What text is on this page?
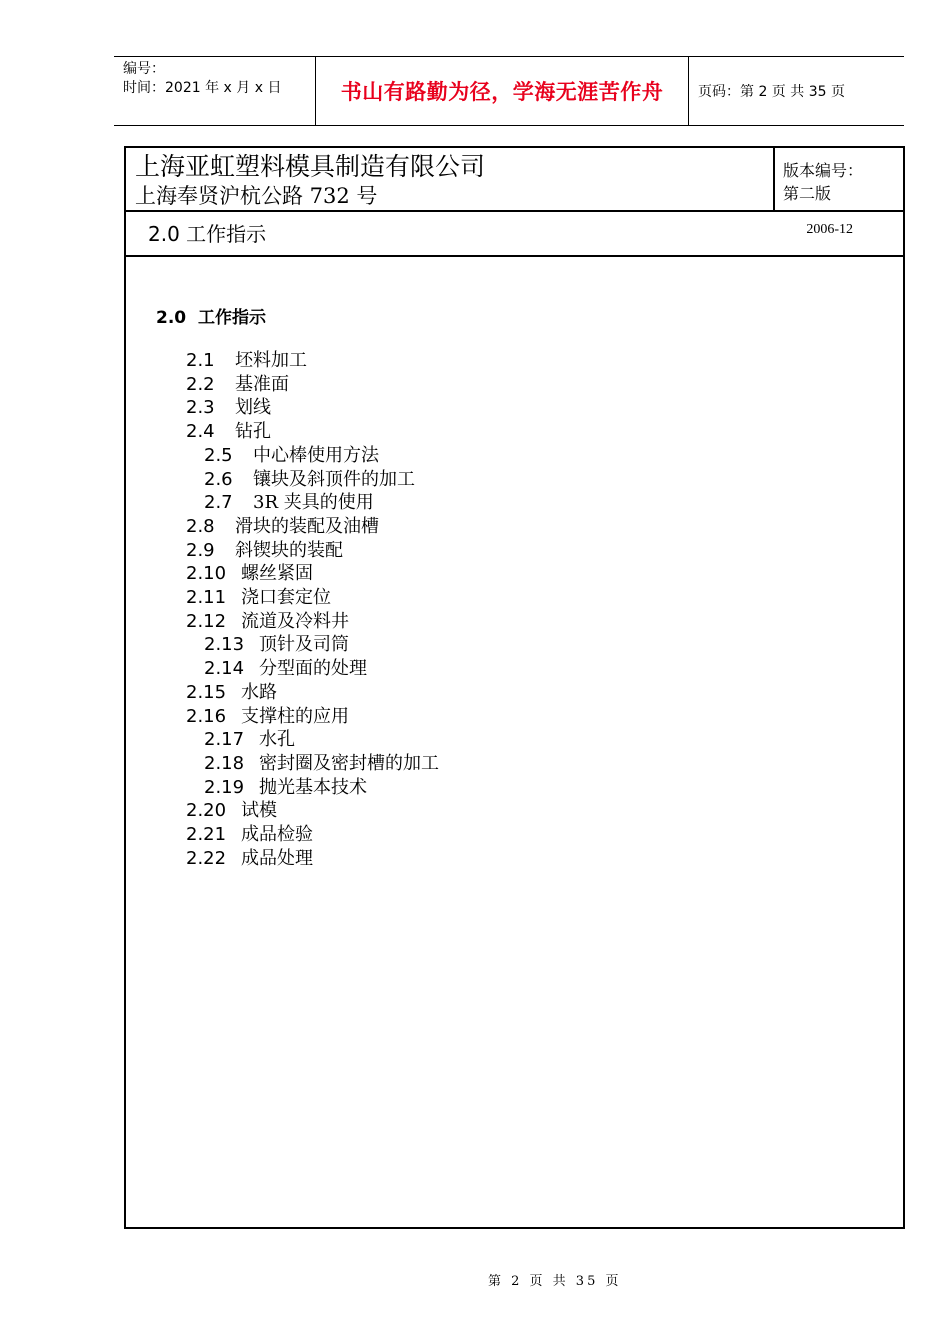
编号：
时间：2021 年 x 月 x 日	书山有路勤为径，学海无涯苦作舟	页码：第 2 页 共 35 页
上海亚虹塑料模具制造有限公司
上海奉贤沪杭公路 732 号
版本编号：
第二版
2.0 工作指示	2006-12
2.0  工作指示
2.1 坯料加工
2.2 基准面
2.3 划线
2.4 钻孔
2.5 中心棒使用方法
2.6 镶块及斜顶件的加工
2.7 3R 夹具的使用
2.8 滑块的装配及油槽
2.9 斜锲块的装配
2.10 螺丝紧固
2.11 浇口套定位
2.12 流道及冷料井
2.13 顶针及司筒
2.14 分型面的处理
2.15 水路
2.16 支撑柱的应用
2.17 水孔
2.18 密封圈及密封槽的加工
2.19 抛光基本技术
2.20 试模
2.21 成品检验
2.22 成品处理
第 2 页 共 35 页
